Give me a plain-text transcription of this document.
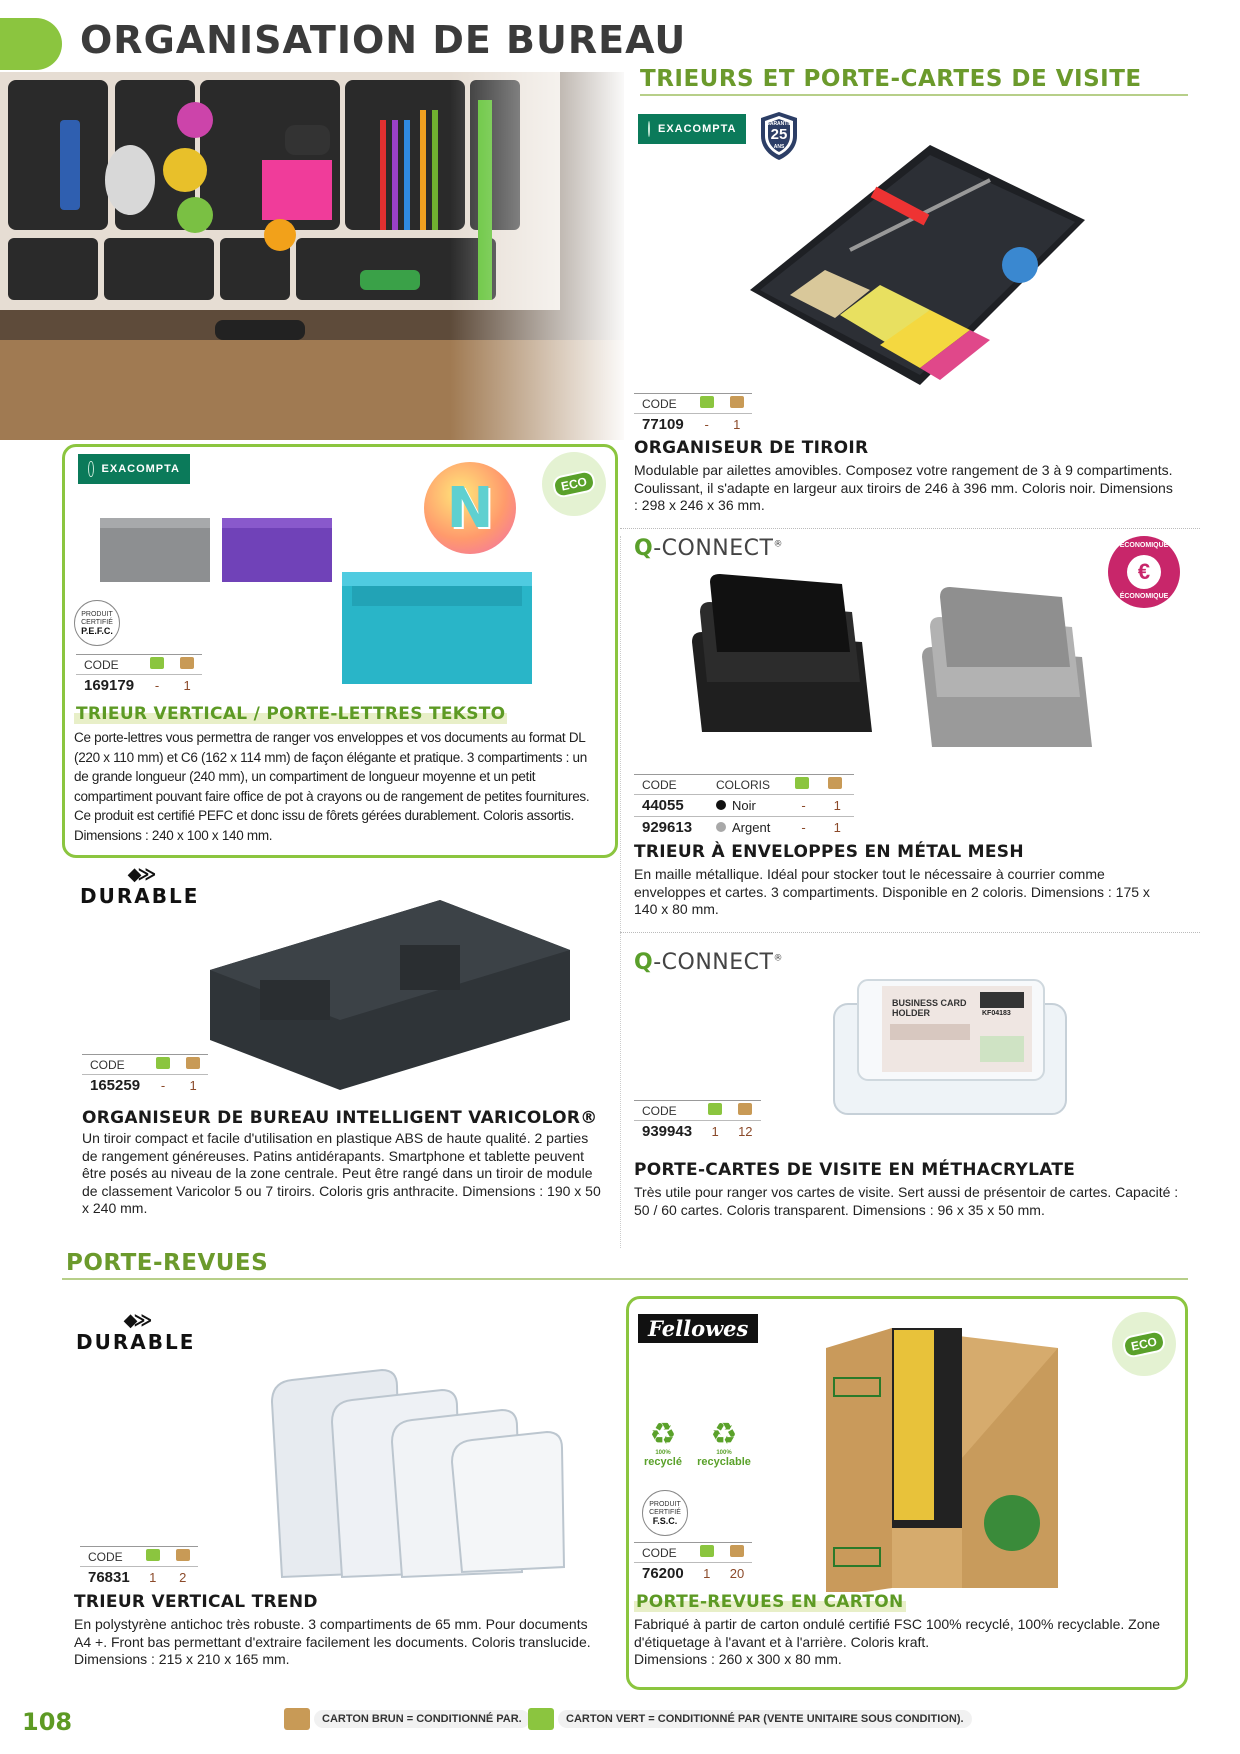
ORGANISATION DE BUREAU
TRIEURS ET PORTE-CARTES DE VISITE
EXACOMPTA	GARANTIE
25
ANS
CODE		
77109	-	1
ORGANISEUR DE TIROIR
Modulable par ailettes amovibles. Composez votre rangement de 3 à 9 compartiments. Coulissant, il s'adapte en largeur aux tiroirs de 246 à 396 mm. Coloris noir. Dimensions : 298 x 246 x 36 mm.
EXACOMPTA
N	ECO
PRODUIT
CERTIFIÉ
P.E.F.C.
CODE		
169179	-	1
TRIEUR VERTICAL / PORTE-LETTRES TEKSTO
Ce porte-lettres vous permettra de ranger vos enveloppes et vos documents au format DL (220 x 110 mm) et C6 (162 x 114 mm) de façon élégante et pratique. 3 compartiments : un de grande longueur (240 mm), un compartiment de longueur moyenne et un petit compartiment pouvant faire office de pot à crayons ou de rangement de petites fournitures. Ce produit est certifié PEFC et donc issu de fôrets gérées durablement. Coloris assortis. Dimensions : 240 x 100 x 140 mm.
Q-CONNECT®
€
ÉCONOMIQUE
ÉCONOMIQUE
CODE	COLORIS		
44055	Noir	-	1
929613	Argent	-	1
TRIEUR À ENVELOPPES EN MÉTAL MESH
En maille métallique. Idéal pour stocker tout le nécessaire à courrier comme enveloppes et cartes. 3 compartiments. Disponible en 2 coloris. Dimensions : 175 x 140 x 80 mm.
◆≫
DURABLE
CODE		
165259	-	1
ORGANISEUR DE BUREAU INTELLIGENT VARICOLOR®
Un tiroir compact et facile d'utilisation en plastique ABS de haute qualité. 2 parties de rangement généreuses. Patins antidérapants. Smartphone et tablette peuvent être posés au niveau de la zone centrale. Peut être rangé dans un tiroir de module de classement Varicolor 5 ou 7 tiroirs. Coloris gris anthracite. Dimensions : 190 x 50 x 240 mm.
Q-CONNECT®
BUSINESS CARD
HOLDER	KF04183
CODE		
939943	1	12
PORTE-CARTES DE VISITE EN MÉTHACRYLATE
Très utile pour ranger vos cartes de visite. Sert aussi de présentoir de cartes. Capacité : 50 / 60 cartes. Coloris transparent. Dimensions : 96 x 35 x 50 mm.
PORTE-REVUES
◆≫
DURABLE
CODE		
76831	1	2
TRIEUR VERTICAL TREND
En polystyrène antichoc très robuste. 3 compartiments de 65 mm. Pour documents A4 +. Front bas permettant d'extraire facilement les documents. Coloris translucide. Dimensions : 215 x 210 x 165 mm.
Fellowes
ECO
♻
100%
recyclé
♻
100%
recyclable
PRODUIT
CERTIFIÉ
F.S.C.
CODE		
76200	1	20
PORTE-REVUES EN CARTON
Fabriqué à partir de carton ondulé certifié FSC 100% recyclé, 100% recyclable. Zone d'étiquetage à l'avant et à l'arrière. Coloris kraft.
Dimensions : 260 x 300 x 80 mm.
108	CARTON BRUN = CONDITIONNÉ PAR.	CARTON VERT = CONDITIONNÉ PAR (VENTE UNITAIRE SOUS CONDITION).
